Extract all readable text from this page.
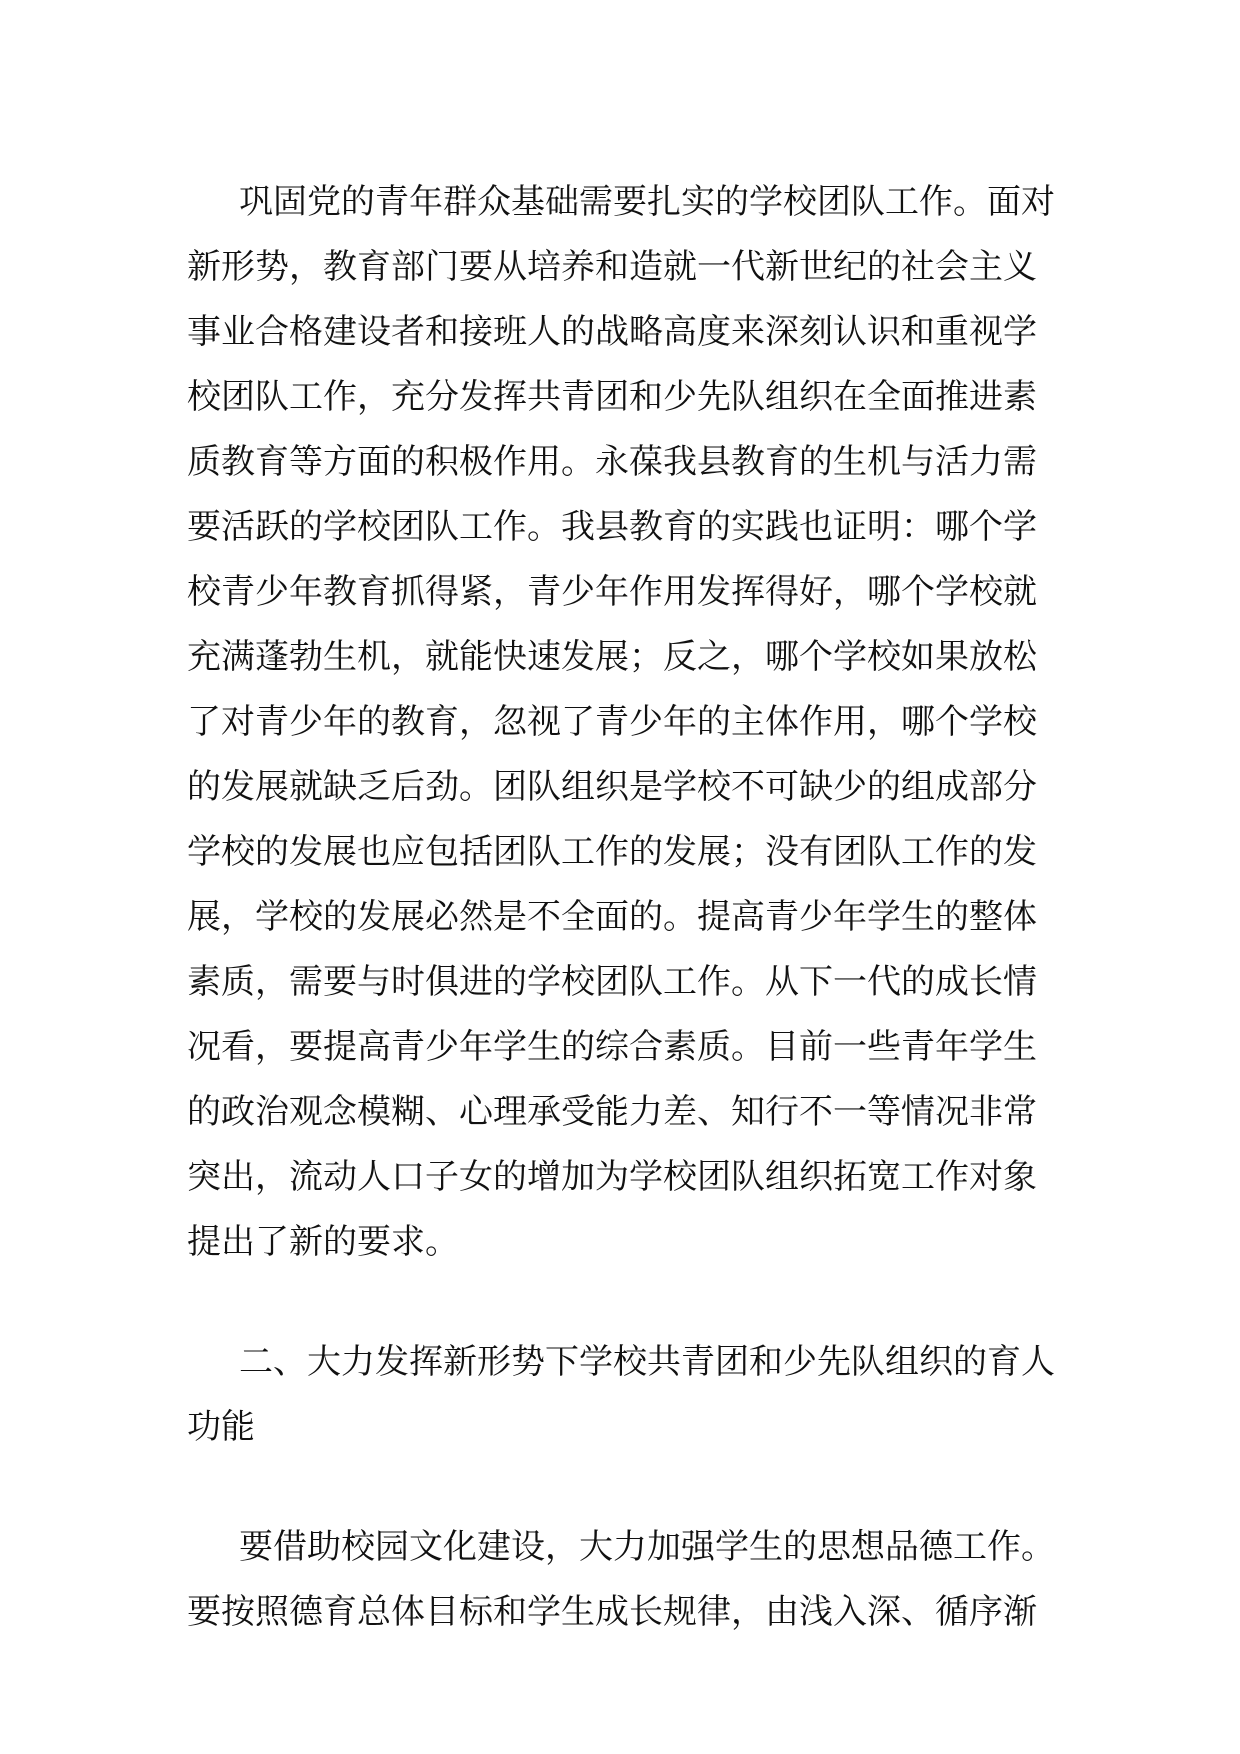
巩固党的青年群众基础需要扎实的学校团队工作。面对
新形势，教育部门要从培养和造就一代新世纪的社会主义
事业合格建设者和接班人的战略高度来深刻认识和重视学
校团队工作，充分发挥共青团和少先队组织在全面推进素
质教育等方面的积极作用。永葆我县教育的生机与活力需
要活跃的学校团队工作。我县教育的实践也证明：哪个学
校青少年教育抓得紧，青少年作用发挥得好，哪个学校就
充满蓬勃生机，就能快速发展；反之，哪个学校如果放松
了对青少年的教育，忽视了青少年的主体作用，哪个学校
的发展就缺乏后劲。团队组织是学校不可缺少的组成部分
学校的发展也应包括团队工作的发展；没有团队工作的发
展，学校的发展必然是不全面的。提高青少年学生的整体
素质，需要与时俱进的学校团队工作。从下一代的成长情
况看，要提高青少年学生的综合素质。目前一些青年学生
的政治观念模糊、心理承受能力差、知行不一等情况非常
突出，流动人口子女的增加为学校团队组织拓宽工作对象
提出了新的要求。
二、大力发挥新形势下学校共青团和少先队组织的育人
功能
要借助校园文化建设，大力加强学生的思想品德工作。
要按照德育总体目标和学生成长规律，由浅入深、循序渐
